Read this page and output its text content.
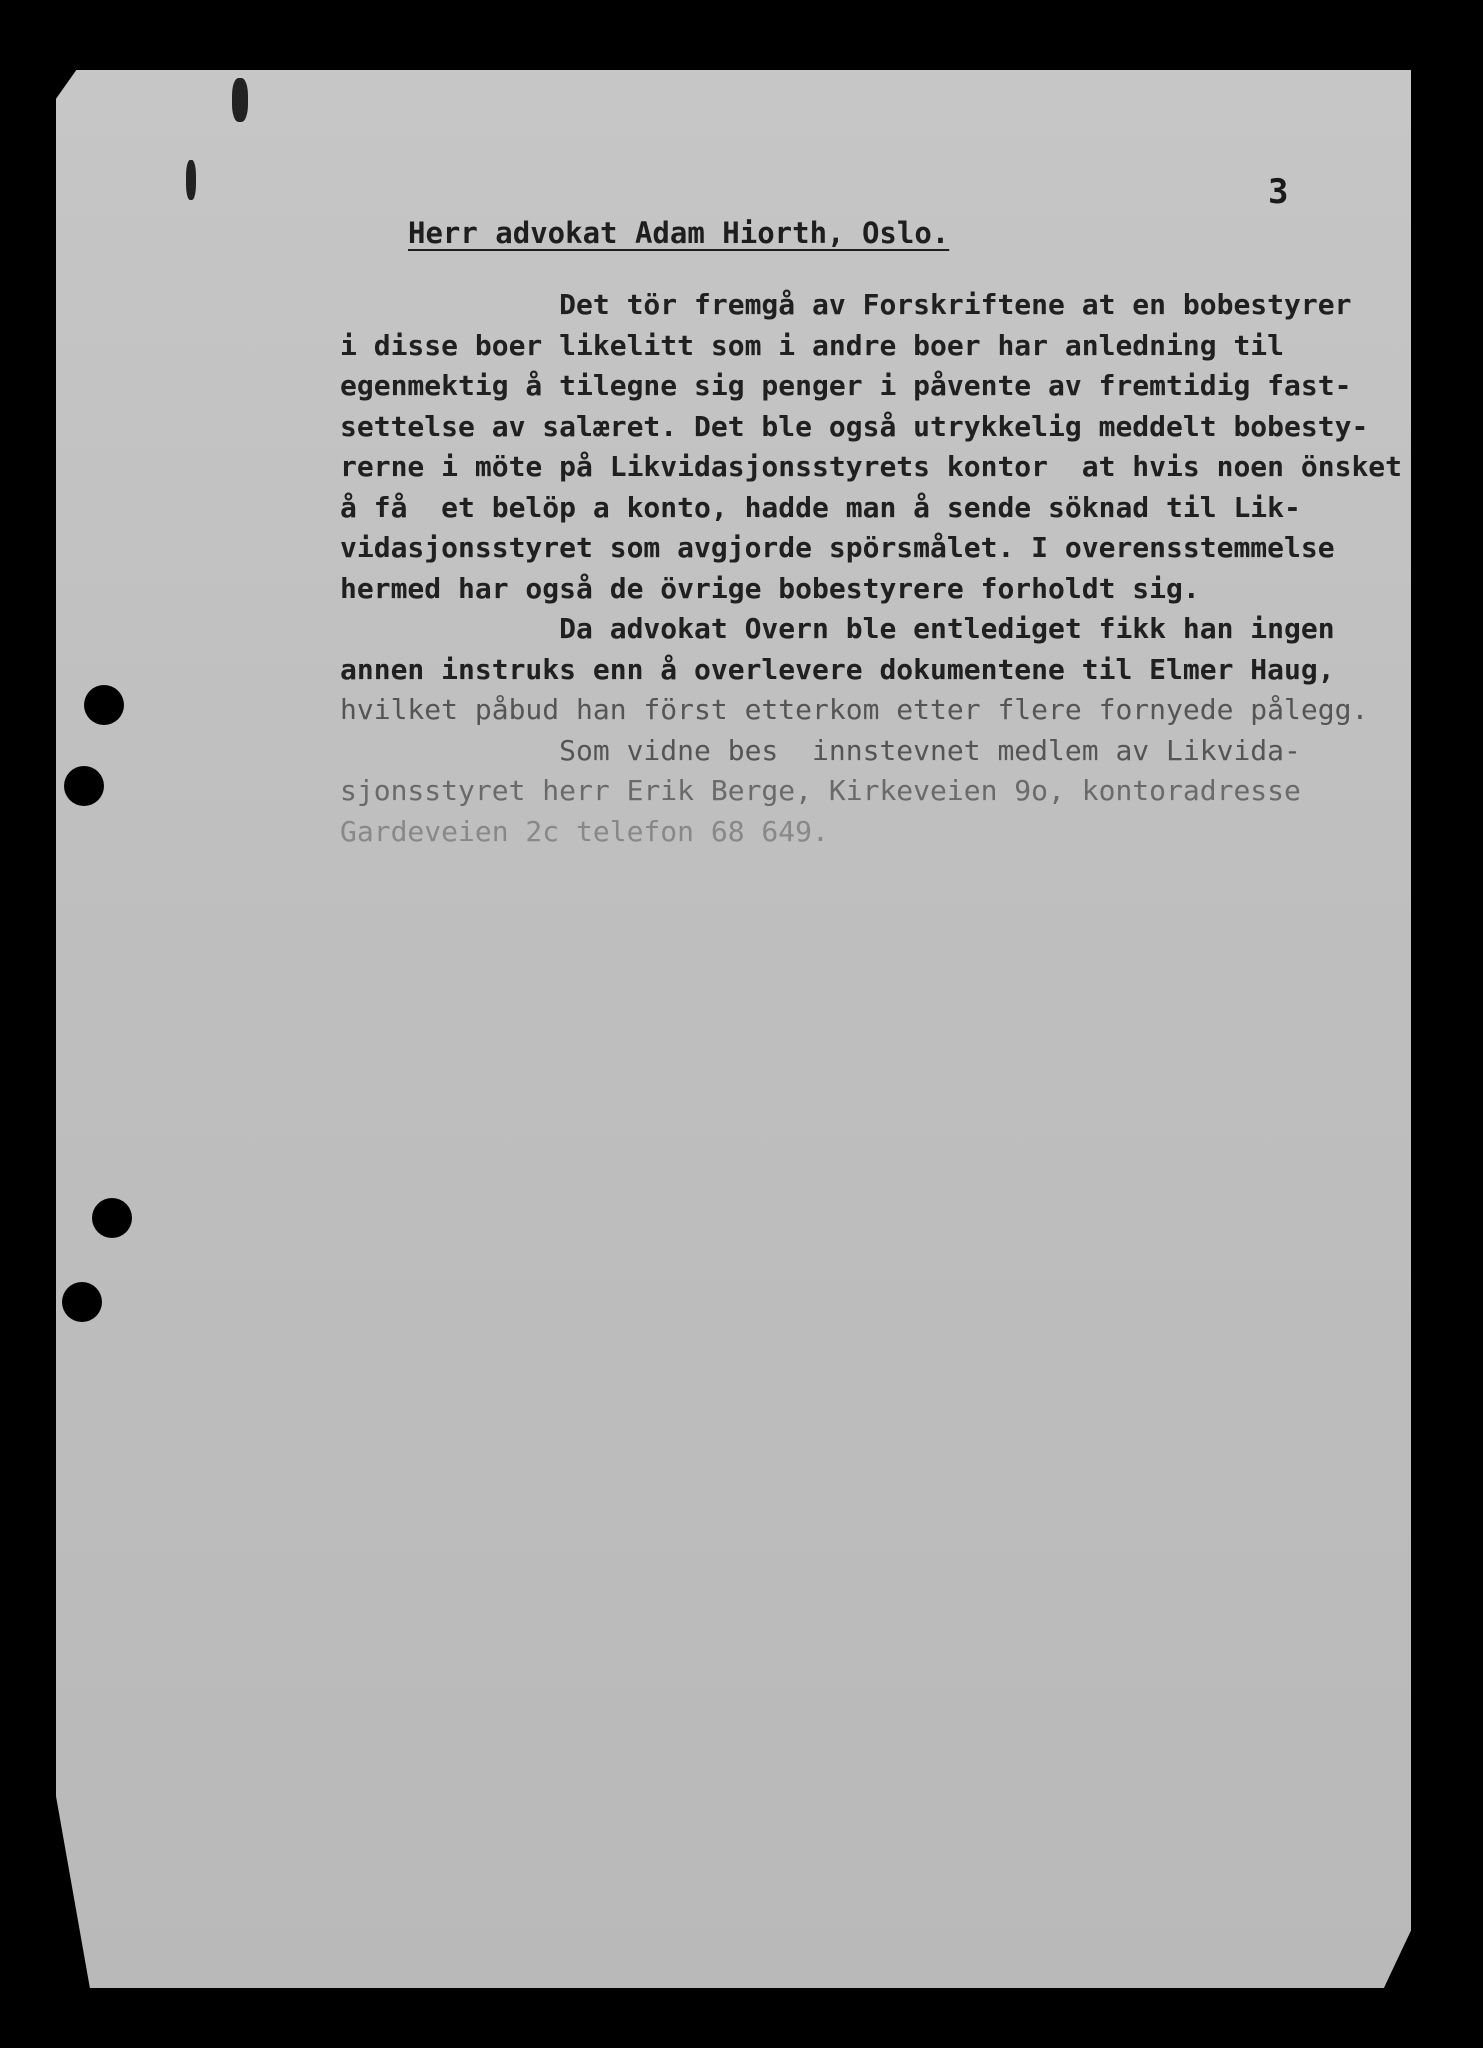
3
Herr advokat Adam Hiorth, Oslo.
Det tör fremgå av Forskriftene at en bobestyrer
i disse boer likelitt som i andre boer har anledning til
egenmektig å tilegne sig penger i påvente av fremtidig fast-
settelse av salæret. Det ble også utrykkelig meddelt bobesty-
rerne i möte på Likvidasjonsstyrets kontor  at hvis noen önsket
å få  et belöp a konto, hadde man å sende söknad til Lik-
vidasjonsstyret som avgjorde spörsmålet. I overensstemmelse
hermed har også de övrige bobestyrere forholdt sig.
Da advokat Overn ble entlediget fikk han ingen
annen instruks enn å overlevere dokumentene til Elmer Haug,
hvilket påbud han först etterkom etter flere fornyede pålegg.
Som vidne bes  innstevnet medlem av Likvida-
sjonsstyret herr Erik Berge, Kirkeveien 9o, kontoradresse
Gardeveien 2c telefon 68 649.
